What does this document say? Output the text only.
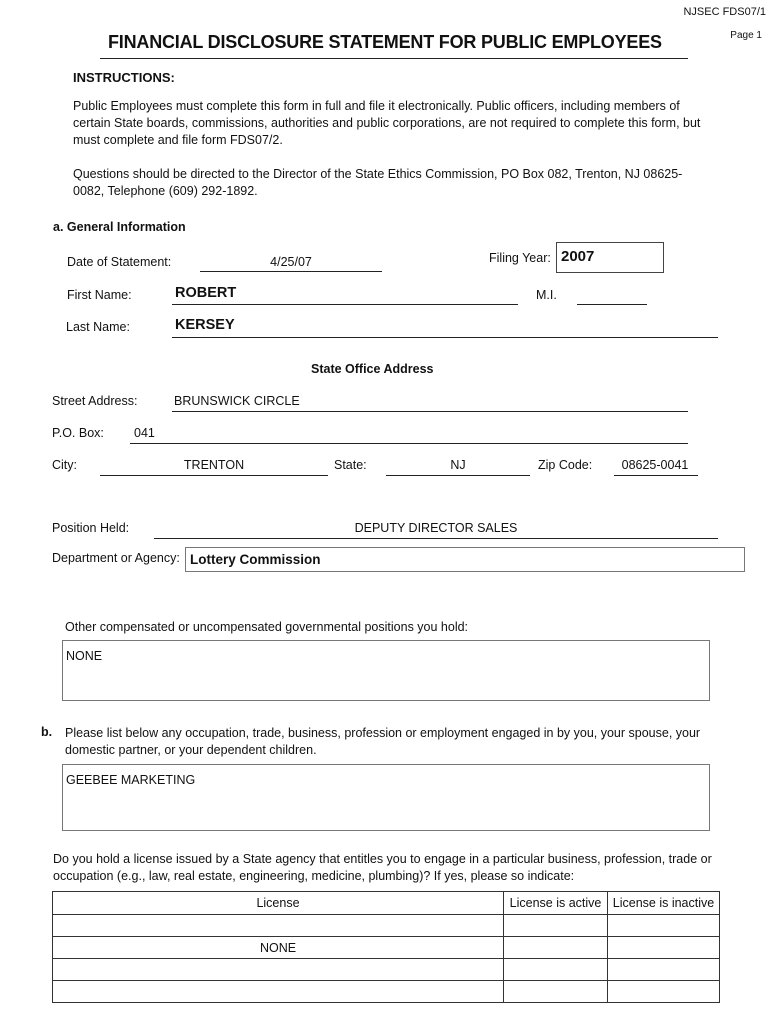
NJSEC FDS07/1
Page 1
FINANCIAL DISCLOSURE STATEMENT FOR PUBLIC EMPLOYEES
INSTRUCTIONS:
Public Employees must complete this form in full and file it electronically. Public officers, including members of certain State boards, commissions, authorities and public corporations, are not required to complete this form, but must complete and file form FDS07/2.
Questions should be directed to the Director of the State Ethics Commission, PO Box 082, Trenton, NJ 08625-0082, Telephone (609) 292-1892.
a. General Information
Date of Statement:	4/25/07	Filing Year: 2007
First Name:	ROBERT	M.I.
Last Name:	KERSEY
State Office Address
Street Address:	BRUNSWICK CIRCLE
P.O. Box: 041
City:	TRENTON	State:	NJ	Zip Code:	08625-0041
Position Held:	DEPUTY DIRECTOR SALES
Department or Agency: Lottery Commission
Other compensated or uncompensated governmental positions you hold:
NONE
b. Please list below any occupation, trade, business, profession or employment engaged in by you, your spouse, your domestic partner, or your dependent children.
GEEBEE MARKETING
Do you hold a license issued by a State agency that entitles you to engage in a particular business, profession, trade or occupation (e.g., law, real estate, engineering, medicine, plumbing)? If yes, please so indicate:
License	License is active	License is inactive

NONE		
